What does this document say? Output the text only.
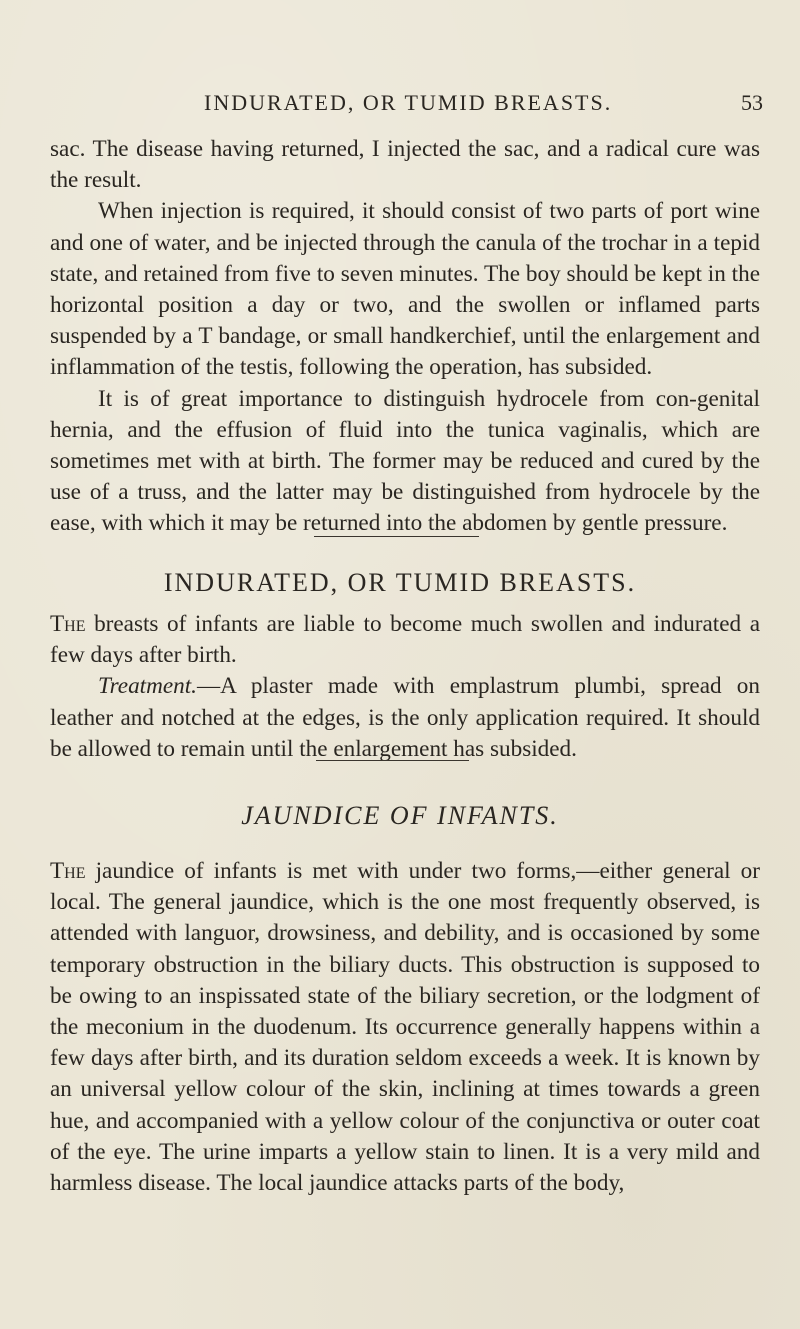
INDURATED, OR TUMID BREASTS.	53

sac. The disease having returned, I injected the sac, and a radical cure was the result.

When injection is required, it should consist of two parts of port wine and one of water, and be injected through the canula of the trochar in a tepid state, and retained from five to seven minutes. The boy should be kept in the horizontal position a day or two, and the swollen or inflamed parts suspended by a T bandage, or small handkerchief, until the enlargement and inflammation of the testis, following the operation, has subsided.

It is of great importance to distinguish hydrocele from con-genital hernia, and the effusion of fluid into the tunica vaginalis, which are sometimes met with at birth. The former may be reduced and cured by the use of a truss, and the latter may be distinguished from hydrocele by the ease, with which it may be returned into the abdomen by gentle pressure.

INDURATED, OR TUMID BREASTS.

The breasts of infants are liable to become much swollen and indurated a few days after birth.

Treatment.—A plaster made with emplastrum plumbi, spread on leather and notched at the edges, is the only application required. It should be allowed to remain until the enlargement has subsided.

JAUNDICE OF INFANTS.

The jaundice of infants is met with under two forms,—either general or local. The general jaundice, which is the one most frequently observed, is attended with languor, drowsiness, and debility, and is occasioned by some temporary obstruction in the biliary ducts. This obstruction is supposed to be owing to an inspissated state of the biliary secretion, or the lodgment of the meconium in the duodenum. Its occurrence generally happens within a few days after birth, and its duration seldom exceeds a week. It is known by an universal yellow colour of the skin, inclining at times towards a green hue, and accompanied with a yellow colour of the conjunctiva or outer coat of the eye. The urine imparts a yellow stain to linen. It is a very mild and harmless disease. The local jaundice attacks parts of the body,
